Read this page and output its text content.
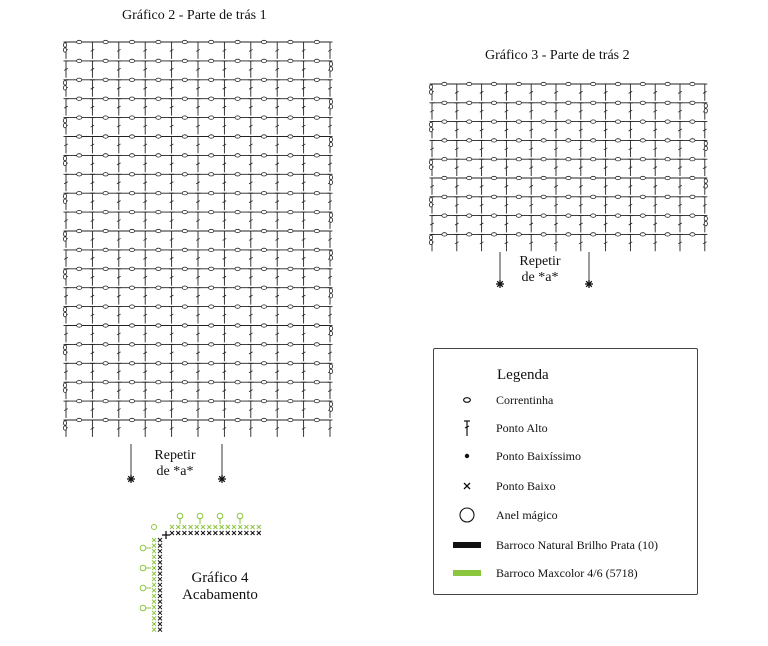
Gráfico 2 - Parte de trás 1
Gráfico 3 - Parte de trás 2
Repetir
de *a*
Repetir
de *a*
Gráfico 4
Acabamento
Legenda
Correntinha
Ponto Alto
Ponto Baixíssimo
Ponto Baixo
Anel mágico
Barroco Natural Brilho Prata (10)
Barroco Maxcolor 4/6 (5718)
